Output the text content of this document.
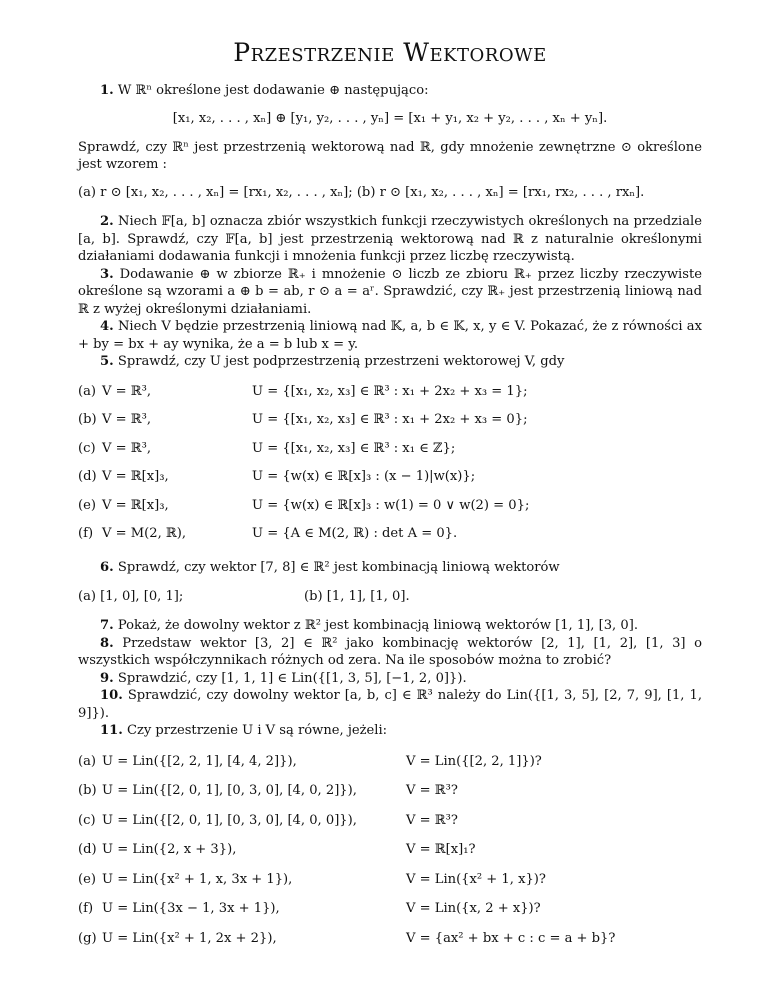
Przestrzenie Wektorowe

1. W ℝⁿ określone jest dodawanie ⊕ następująco:

[x₁, x₂, . . . , xₙ] ⊕ [y₁, y₂, . . . , yₙ] = [x₁ + y₁, x₂ + y₂, . . . , xₙ + yₙ].

Sprawdź, czy ℝⁿ jest przestrzenią wektorową nad ℝ, gdy mnożenie zewnętrzne ⊙ określone jest wzorem :

(a) r ⊙ [x₁, x₂, . . . , xₙ] = [rx₁, x₂, . . . , xₙ]; (b) r ⊙ [x₁, x₂, . . . , xₙ] = [rx₁, rx₂, . . . , rxₙ].

2. Niech 𝔽[a, b] oznacza zbiór wszystkich funkcji rzeczywistych określonych na przedziale [a, b]. Sprawdź, czy 𝔽[a, b] jest przestrzenią wektorową nad ℝ z naturalnie określonymi działaniami dodawania funkcji i mnożenia funkcji przez liczbę rzeczywistą.

3. Dodawanie ⊕ w zbiorze ℝ₊ i mnożenie ⊙ liczb ze zbioru ℝ₊ przez liczby rzeczywiste określone są wzorami a ⊕ b = ab, r ⊙ a = aʳ. Sprawdzić, czy ℝ₊ jest przestrzenią liniową nad ℝ z wyżej określonymi działaniami.

4. Niech V będzie przestrzenią liniową nad 𝕂, a, b ∈ 𝕂, x, y ∈ V. Pokazać, że z równości ax + by = bx + ay wynika, że a = b lub x = y.

5. Sprawdź, czy U jest podprzestrzenią przestrzeni wektorowej V, gdy

(a) V = ℝ³,	U = {[x₁, x₂, x₃] ∈ ℝ³ : x₁ + 2x₂ + x₃ = 1};
(b) V = ℝ³,	U = {[x₁, x₂, x₃] ∈ ℝ³ : x₁ + 2x₂ + x₃ = 0};
(c) V = ℝ³,	U = {[x₁, x₂, x₃] ∈ ℝ³ : x₁ ∈ ℤ};
(d) V = ℝ[x]₃,	U = {w(x) ∈ ℝ[x]₃ : (x − 1)|w(x)};
(e) V = ℝ[x]₃,	U = {w(x) ∈ ℝ[x]₃ : w(1) = 0 ∨ w(2) = 0};
(f) V = M(2, ℝ),	U = {A ∈ M(2, ℝ) : det A = 0}.

6. Sprawdź, czy wektor [7, 8] ∈ ℝ² jest kombinacją liniową wektorów

(a) [1, 0], [0, 1];	(b) [1, 1], [1, 0].

7. Pokaż, że dowolny wektor z ℝ² jest kombinacją liniową wektorów [1, 1], [3, 0].

8. Przedstaw wektor [3, 2] ∈ ℝ² jako kombinację wektorów [2, 1], [1, 2], [1, 3] o wszystkich współczynnikach różnych od zera. Na ile sposobów można to zrobić?

9. Sprawdzić, czy [1, 1, 1] ∈ Lin({[1, 3, 5], [−1, 2, 0]}).

10. Sprawdzić, czy dowolny wektor [a, b, c] ∈ ℝ³ należy do Lin({[1, 3, 5], [2, 7, 9], [1, 1, 9]}).

11. Czy przestrzenie U i V są równe, jeżeli:

(a) U = Lin({[2, 2, 1], [4, 4, 2]}),	V = Lin({[2, 2, 1]})?
(b) U = Lin({[2, 0, 1], [0, 3, 0], [4, 0, 2]}),	V = ℝ³?
(c) U = Lin({[2, 0, 1], [0, 3, 0], [4, 0, 0]}),	V = ℝ³?
(d) U = Lin({2, x + 3}),	V = ℝ[x]₁?
(e) U = Lin({x² + 1, x, 3x + 1}),	V = Lin({x² + 1, x})?
(f) U = Lin({3x − 1, 3x + 1}),	V = Lin({x, 2 + x})?
(g) U = Lin({x² + 1, 2x + 2}),	V = {ax² + bx + c : c = a + b}?
